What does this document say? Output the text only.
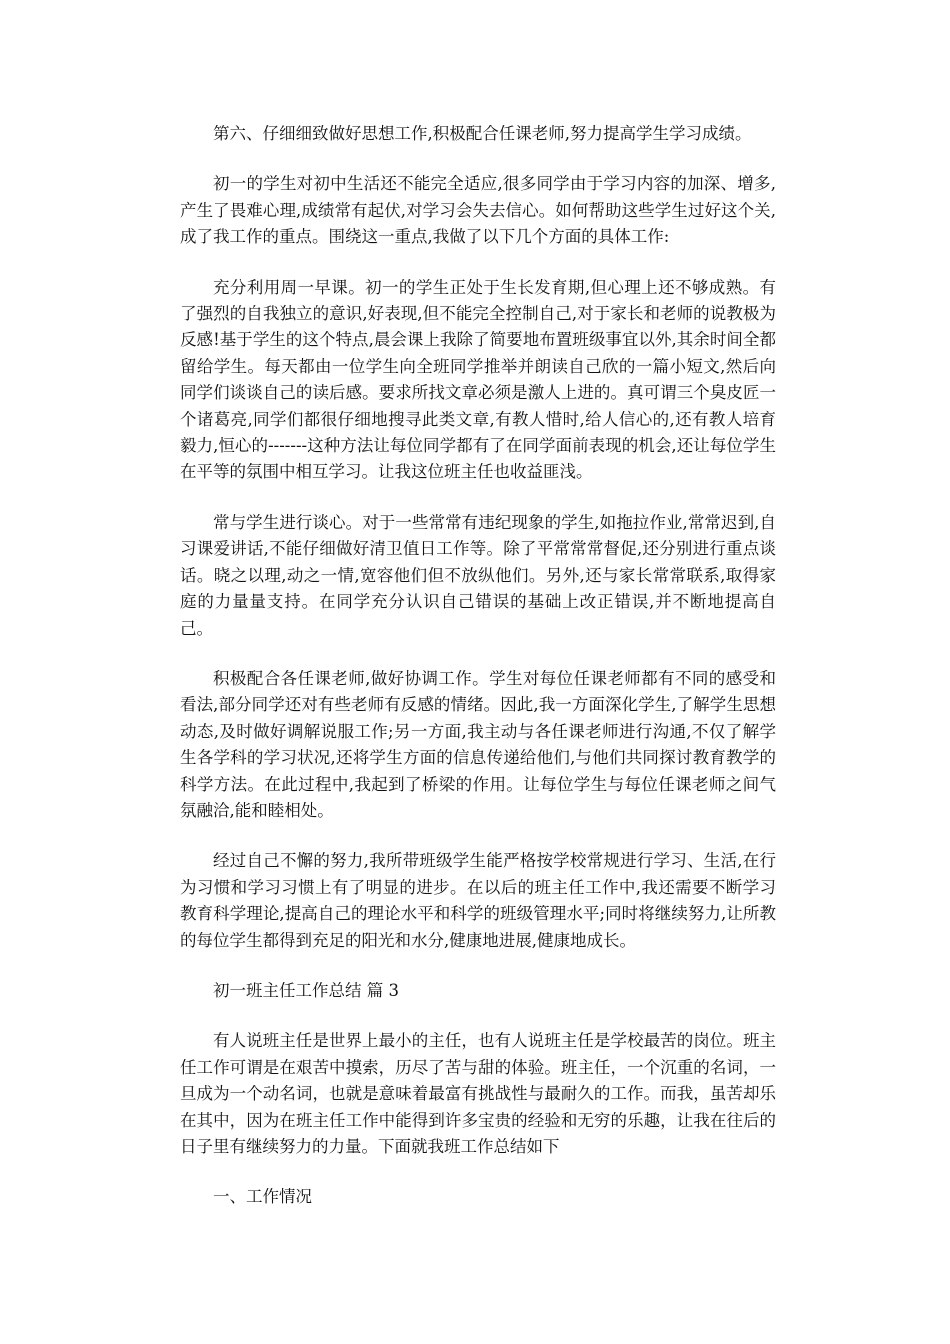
第六、仔细细致做好思想工作,积极配合任课老师,努力提高学生学习成绩。

初一的学生对初中生活还不能完全适应,很多同学由于学习内容的加深、增多,产生了畏难心理,成绩常有起伏,对学习会失去信心。如何帮助这些学生过好这个关,成了我工作的重点。围绕这一重点,我做了以下几个方面的具体工作:

充分利用周一早课。初一的学生正处于生长发育期,但心理上还不够成熟。有了强烈的自我独立的意识,好表现,但不能完全控制自己,对于家长和老师的说教极为反感!基于学生的这个特点,晨会课上我除了简要地布置班级事宜以外,其余时间全都留给学生。每天都由一位学生向全班同学推举并朗读自己欣的一篇小短文,然后向同学们谈谈自己的读后感。要求所找文章必须是激人上进的。真可谓三个臭皮匠一个诸葛亮,同学们都很仔细地搜寻此类文章,有教人惜时,给人信心的,还有教人培育毅力,恒心的-------这种方法让每位同学都有了在同学面前表现的机会,还让每位学生在平等的氛围中相互学习。让我这位班主任也收益匪浅。

常与学生进行谈心。对于一些常常有违纪现象的学生,如拖拉作业,常常迟到,自习课爱讲话,不能仔细做好清卫值日工作等。除了平常常常督促,还分别进行重点谈话。晓之以理,动之一情,宽容他们但不放纵他们。另外,还与家长常常联系,取得家庭的力量量支持。在同学充分认识自己错误的基础上改正错误,并不断地提高自己。

积极配合各任课老师,做好协调工作。学生对每位任课老师都有不同的感受和看法,部分同学还对有些老师有反感的情绪。因此,我一方面深化学生,了解学生思想动态,及时做好调解说服工作;另一方面,我主动与各任课老师进行沟通,不仅了解学生各学科的学习状况,还将学生方面的信息传递给他们,与他们共同探讨教育教学的科学方法。在此过程中,我起到了桥梁的作用。让每位学生与每位任课老师之间气氛融洽,能和睦相处。

经过自己不懈的努力,我所带班级学生能严格按学校常规进行学习、生活,在行为习惯和学习习惯上有了明显的进步。在以后的班主任工作中,我还需要不断学习教育科学理论,提高自己的理论水平和科学的班级管理水平;同时将继续努力,让所教的每位学生都得到充足的阳光和水分,健康地进展,健康地成长。

初一班主任工作总结 篇 3

有人说班主任是世界上最小的主任，也有人说班主任是学校最苦的岗位。班主任工作可谓是在艰苦中摸索，历尽了苦与甜的体验。班主任，一个沉重的名词，一旦成为一个动名词，也就是意味着最富有挑战性与最耐久的工作。而我，虽苦却乐在其中，因为在班主任工作中能得到许多宝贵的经验和无穷的乐趣，让我在往后的日子里有继续努力的力量。下面就我班工作总结如下

一、工作情况
